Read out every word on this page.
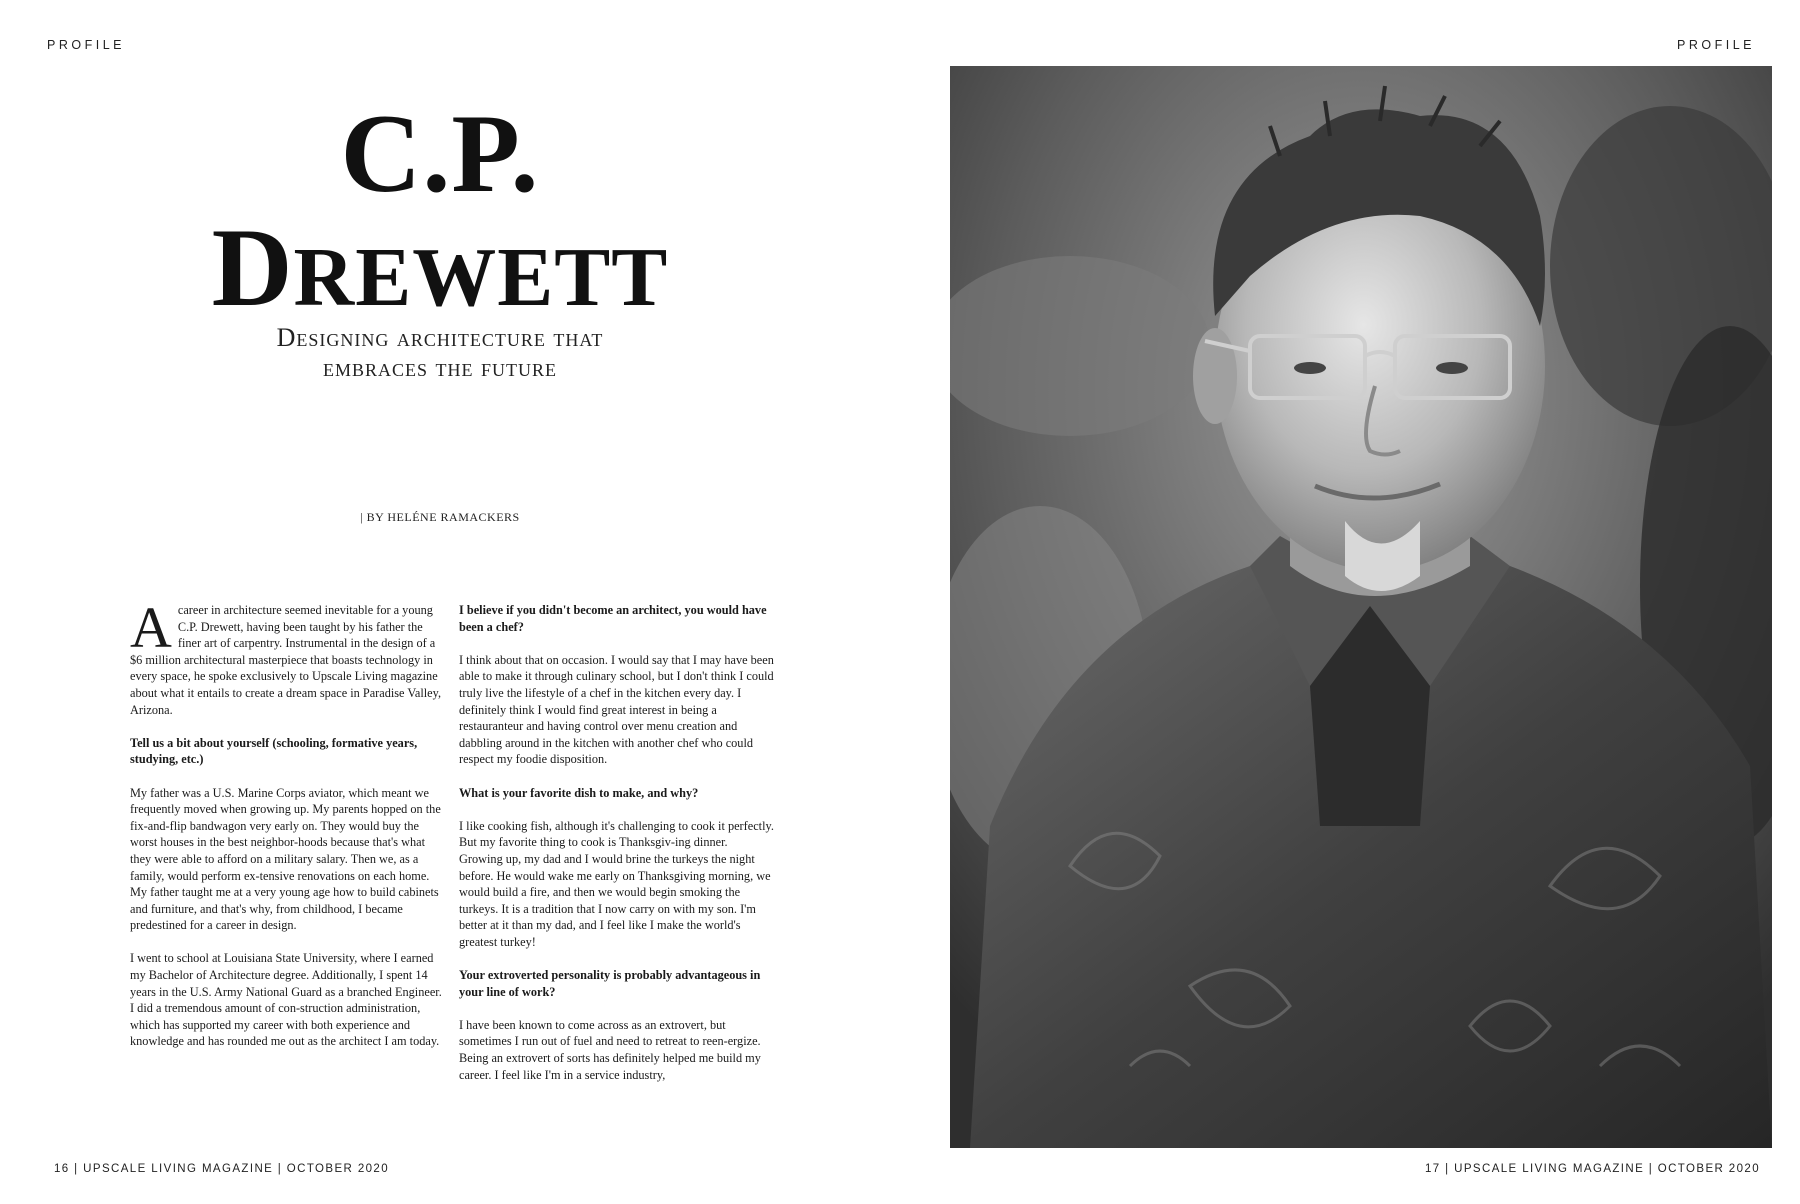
PROFILE	PROFILE
C.P.
DREWETT
Designing architecture that
embraces the future
| BY HELÉNE RAMACKERS

Acareer in architecture seemed inevitable for a young C.P. Drewett, having been taught by his father the finer art of carpentry. Instrumental in the design of a $6 million architectural masterpiece that boasts technology in every space, he spoke exclusively to Upscale Living magazine about what it entails to create a dream space in Paradise Valley, Arizona.

Tell us a bit about yourself (schooling, formative years, studying, etc.)

My father was a U.S. Marine Corps aviator, which meant we frequently moved when growing up. My parents hopped on the fix-and-flip bandwagon very early on. They would buy the worst houses in the best neighbor-hoods because that's what they were able to afford on a military salary. Then we, as a family, would perform ex-tensive renovations on each home. My father taught me at a very young age how to build cabinets and furniture, and that's why, from childhood, I became predestined for a career in design.

I went to school at Louisiana State University, where I earned my Bachelor of Architecture degree. Additionally, I spent 14 years in the U.S. Army National Guard as a branched Engineer. I did a tremendous amount of con-struction administration, which has supported my career with both experience and knowledge and has rounded me out as the architect I am today.

I believe if you didn't become an architect, you would have been a chef?

I think about that on occasion. I would say that I may have been able to make it through culinary school, but I don't think I could truly live the lifestyle of a chef in the kitchen every day. I definitely think I would find great interest in being a restauranteur and having control over menu creation and dabbling around in the kitchen with another chef who could respect my foodie disposition.

What is your favorite dish to make, and why?

I like cooking fish, although it's challenging to cook it perfectly. But my favorite thing to cook is Thanksgiv-ing dinner. Growing up, my dad and I would brine the turkeys the night before. He would wake me early on Thanksgiving morning, we would build a fire, and then we would begin smoking the turkeys. It is a tradition that I now carry on with my son. I'm better at it than my dad, and I feel like I make the world's greatest turkey!

Your extroverted personality is probably advantageous in your line of work?

I have been known to come across as an extrovert, but sometimes I run out of fuel and need to retreat to reen-ergize. Being an extrovert of sorts has definitely helped me build my career. I feel like I'm in a service industry,

16 | UPSCALE LIVING MAGAZINE | OCTOBER 2020	17 | UPSCALE LIVING MAGAZINE | OCTOBER 2020
